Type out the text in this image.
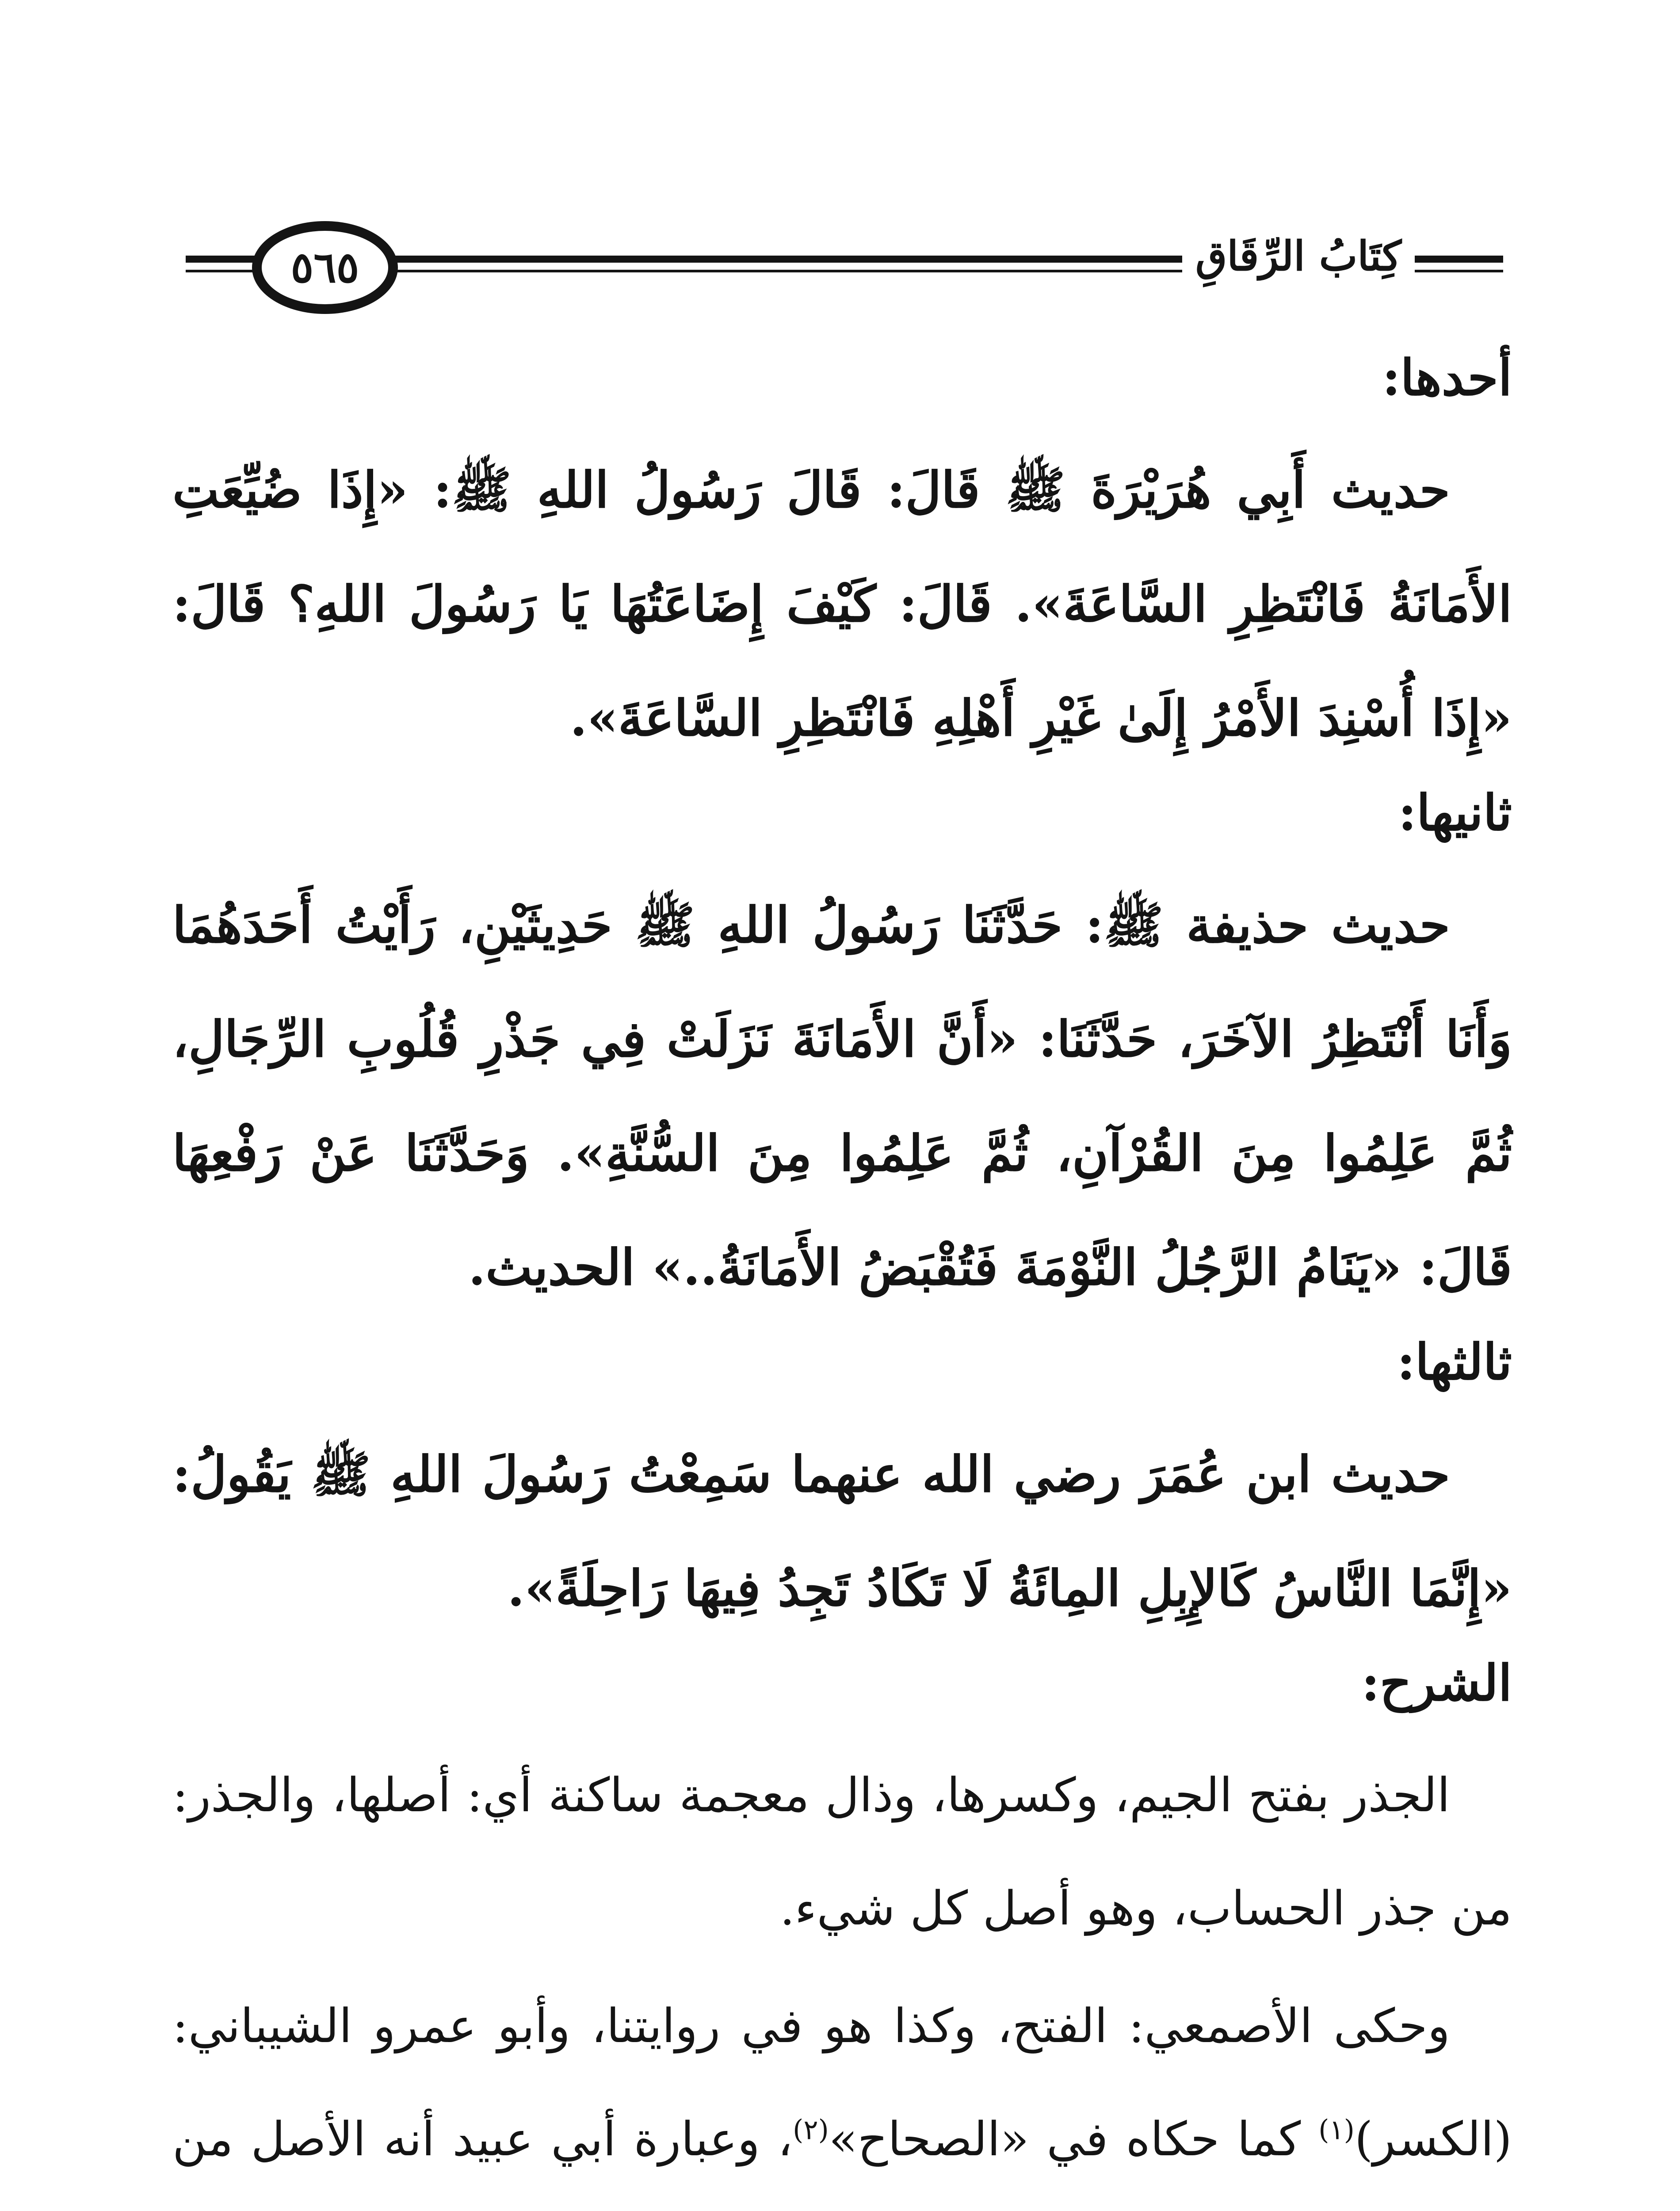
٥٦٥	كِتَابُ الرِّقَاقِ
أحدها:

حديث أَبِي هُرَيْرَةَ ﷺ قَالَ: قَالَ رَسُولُ اللهِ ﷺ: «إِذَا ضُيِّعَتِ الأَمَانَةُ فَانْتَظِرِ السَّاعَةَ». قَالَ: كَيْفَ إِضَاعَتُهَا يَا رَسُولَ اللهِ؟ قَالَ: «إِذَا أُسْنِدَ الأَمْرُ إِلَىٰ غَيْرِ أَهْلِهِ فَانْتَظِرِ السَّاعَةَ».

ثانيها:

حديث حذيفة ﷺ: حَدَّثَنَا رَسُولُ اللهِ ﷺ حَدِيثَيْنِ، رَأَيْتُ أَحَدَهُمَا وَأَنَا أَنْتَظِرُ الآخَرَ، حَدَّثَنَا: «أَنَّ الأَمَانَةَ نَزَلَتْ فِي جَذْرِ قُلُوبِ الرِّجَالِ، ثُمَّ عَلِمُوا مِنَ القُرْآنِ، ثُمَّ عَلِمُوا مِنَ السُّنَّةِ». وَحَدَّثَنَا عَنْ رَفْعِهَا قَالَ: «يَنَامُ الرَّجُلُ النَّوْمَةَ فَتُقْبَضُ الأَمَانَةُ..» الحديث.

ثالثها:

حديث ابن عُمَرَ رضي الله عنهما سَمِعْتُ رَسُولَ اللهِ ﷺ يَقُولُ: «إِنَّمَا النَّاسُ كَالإِبِلِ المِائَةُ لَا تَكَادُ تَجِدُ فِيهَا رَاحِلَةً».

الشرح:

الجذر بفتح الجيم، وكسرها، وذال معجمة ساكنة أي: أصلها، والجذر: من جذر الحساب، وهو أصل كل شيء.

وحكى الأصمعي: الفتح، وكذا هو في روايتنا، وأبو عمرو الشيباني: (الكسر)$^{(١)}$ كما حكاه في «الصحاح»$^{(٢)}$، وعبارة أبي عبيد أنه الأصل من
